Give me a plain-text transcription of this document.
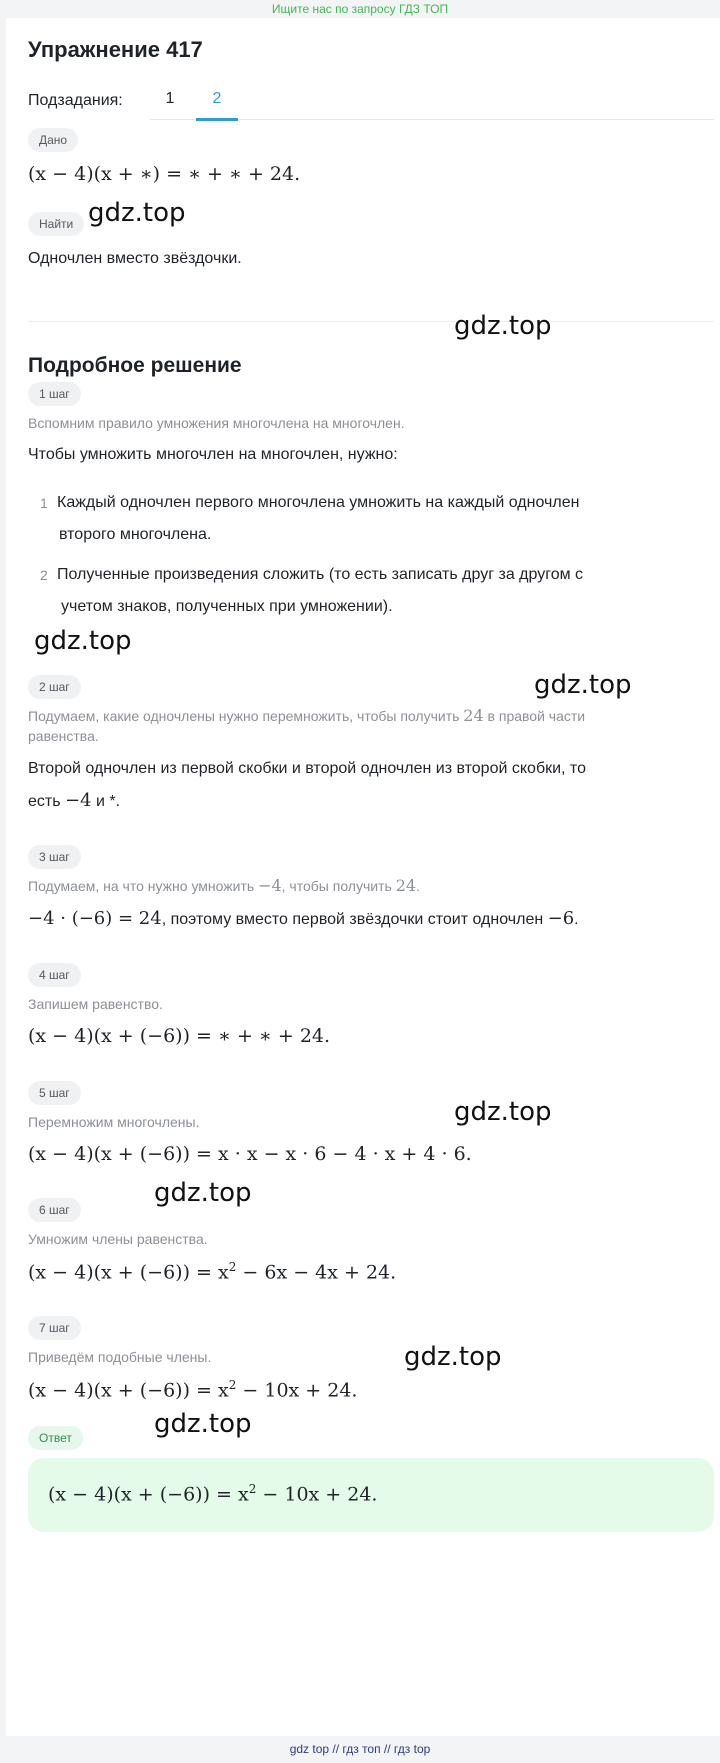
Ищите нас по запросу ГДЗ ТОП
Упражнение 417
Подзадания:	1	2
Дано
(x − 4)(x + ∗) = ∗ + ∗ + 24.
Найти gdz.top
Одночлен вместо звёздочки.
gdz.top
Подробное решение
1 шаг
Вспомним правило умножения многочлена на многочлен.
Чтобы умножить многочлен на многочлен, нужно:
1 Каждый одночлен первого многочлена умножить на каждый одночлен
второго многочлена.
2 Полученные произведения сложить (то есть записать друг за другом с
учетом знаков, полученных при умножении).
gdz.top
2 шаг	gdz.top
Подумаем, какие одночлены нужно перемножить, чтобы получить 24 в правой части
равенства.
Второй одночлен из первой скобки и второй одночлен из второй скобки, то
есть −4 и *.
3 шаг
Подумаем, на что нужно умножить −4, чтобы получить 24.
−4 · (−6) = 24, поэтому вместо первой звёздочки стоит одночлен −6.
4 шаг
Запишем равенство.
(x − 4)(x + (−6)) = ∗ + ∗ + 24.
5 шаг
gdz.top
Перемножим многочлены.
(x − 4)(x + (−6)) = x · x − x · 6 − 4 · x + 4 · 6.
gdz.top
6 шаг
Умножим члены равенства.
$(x - 4)(x + (-6)) = x^2 - 6x - 4x + 24$.
7 шаг
gdz.top
Приведём подобные члены.
$(x - 4)(x + (-6)) = x^2 - 10x + 24$.
gdz.top
Ответ
$(x - 4)(x + (-6)) = x^2 - 10x + 24$.
gdz top // гдз топ // гдз top
